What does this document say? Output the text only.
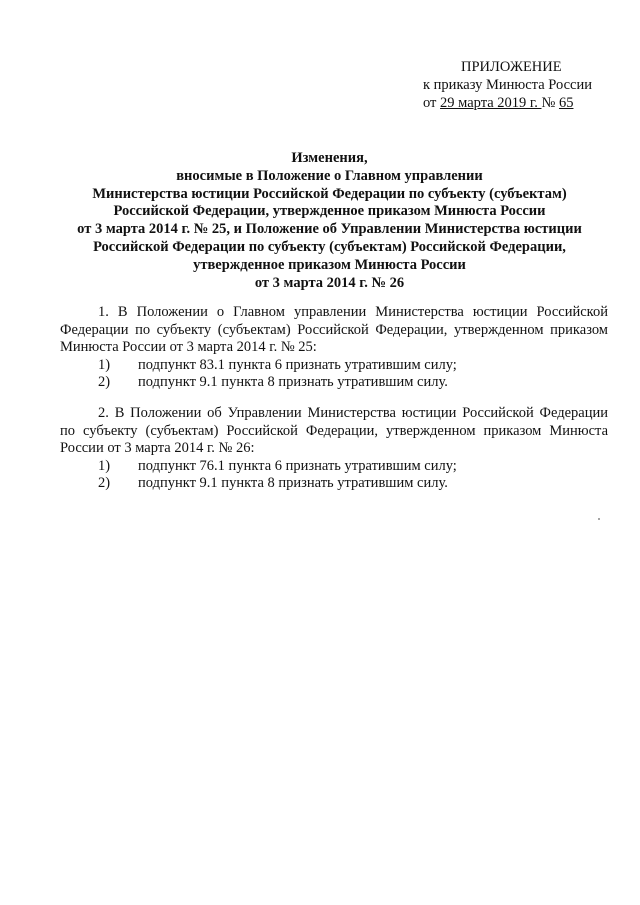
ПРИЛОЖЕНИЕ
к приказу Минюста России
от 29 марта 2019 г. № 65
Изменения,
вносимые в Положение о Главном управлении
Министерства юстиции Российской Федерации по субъекту (субъектам)
Российской Федерации, утвержденное приказом Минюста России
от 3 марта 2014 г. № 25, и Положение об Управлении Министерства юстиции
Российской Федерации по субъекту (субъектам) Российской Федерации,
утвержденное приказом Минюста России
от 3 марта 2014 г. № 26

1. В Положении о Главном управлении Министерства юстиции Российской Федерации по субъекту (субъектам) Российской Федерации, утвержденном приказом Минюста России от 3 марта 2014 г. № 25:

1) подпункт 83.1 пункта 6 признать утратившим силу;
2) подпункт 9.1 пункта 8 признать утратившим силу.

2. В Положении об Управлении Министерства юстиции Российской Федерации по субъекту (субъектам) Российской Федерации, утвержденном приказом Минюста России от 3 марта 2014 г. № 26:

1) подпункт 76.1 пункта 6 признать утратившим силу;
2) подпункт 9.1 пункта 8 признать утратившим силу.
